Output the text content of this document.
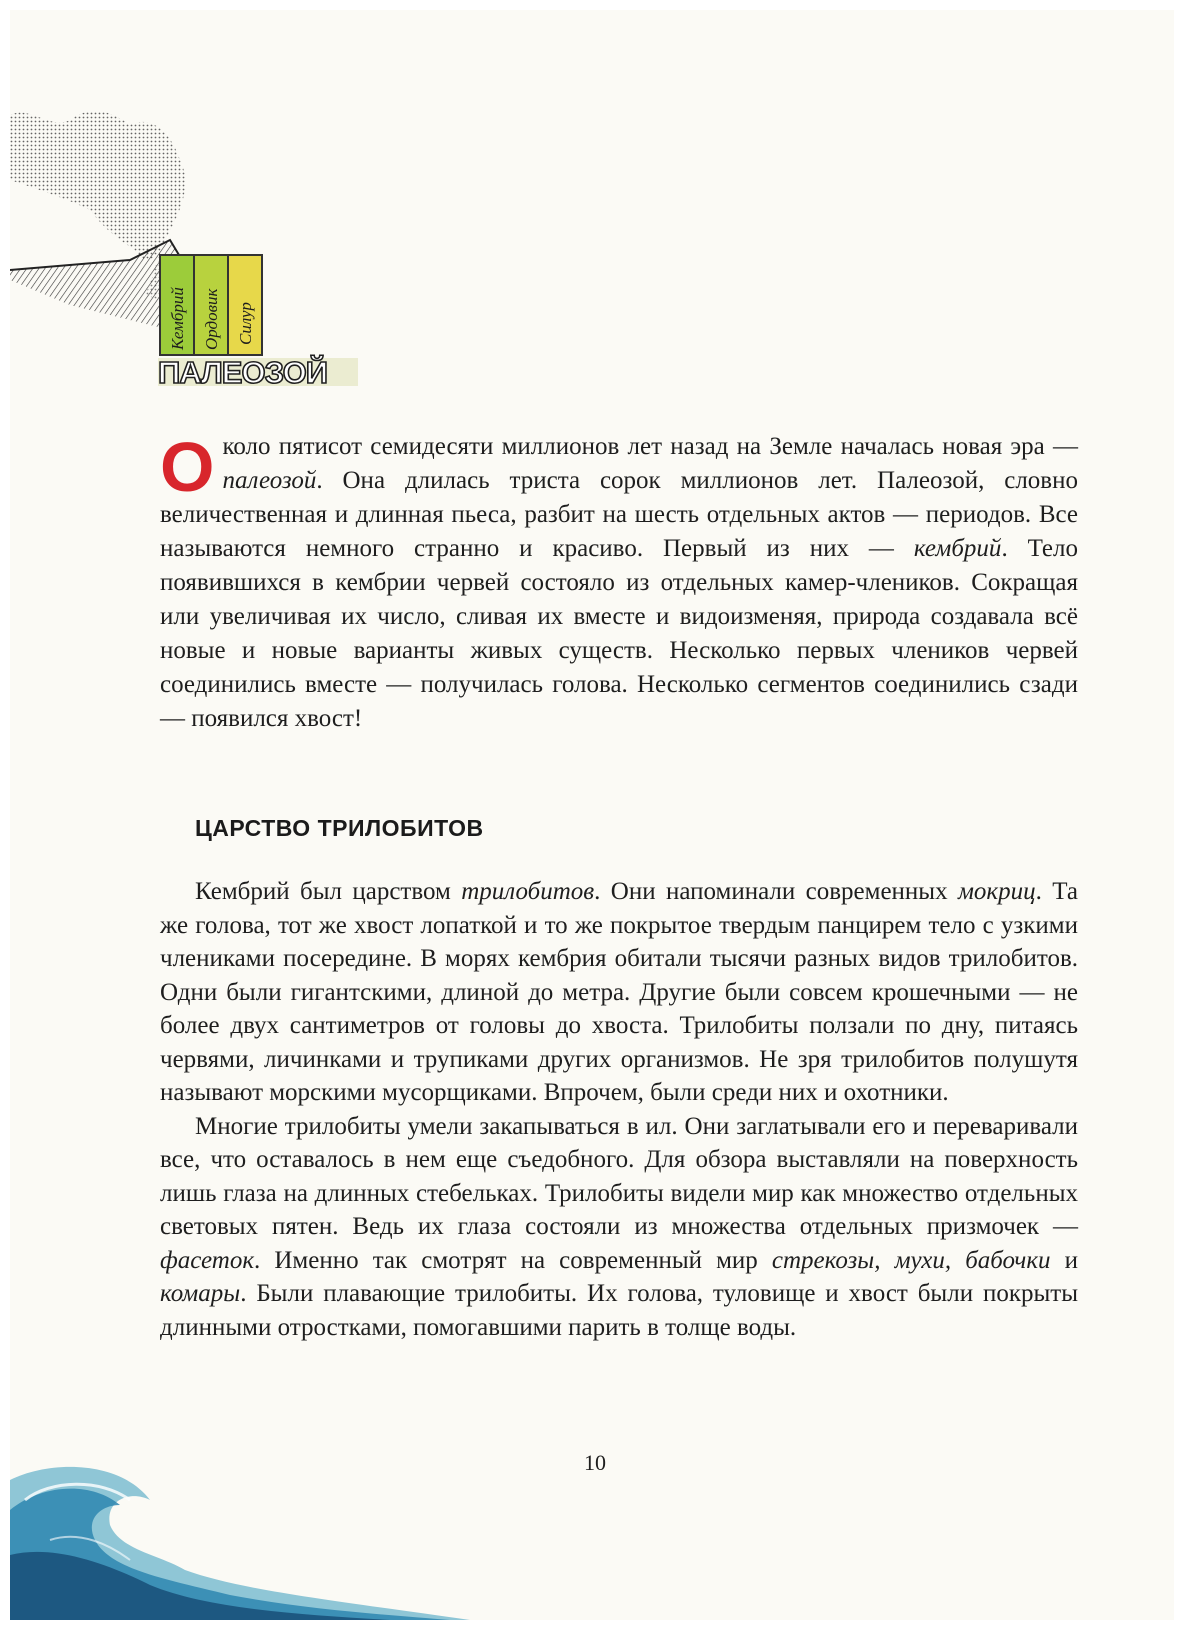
Кембрий Ордовик Силур
ПАЛЕОЗОЙ

Около пятисот семидесяти миллионов лет назад на Земле началась новая эра — палеозой. Она длилась триста сорок миллионов лет. Палеозой, словно величественная и длинная пьеса, разбит на шесть отдельных актов — периодов. Все называются немного странно и красиво. Первый из них — кембрий. Тело появившихся в кембрии червей состояло из отдельных камер-члеников. Сокращая или увеличивая их число, сливая их вместе и видоизменяя, природа создавала всё новые и новые варианты живых существ. Несколько первых члеников червей соединились вместе — получилась голова. Несколько сегментов соединились сзади — появился хвост!

ЦАРСТВО ТРИЛОБИТОВ

Кембрий был царством трилобитов. Они напоминали современных мокриц. Та же голова, тот же хвост лопаткой и то же покрытое твердым панцирем тело с узкими члениками посередине. В морях кембрия обитали тысячи разных видов трилобитов. Одни были гигантскими, длиной до метра. Другие были совсем крошечными — не более двух сантиметров от головы до хвоста. Трилобиты ползали по дну, питаясь червями, личинками и трупиками других организмов. Не зря трилобитов полушутя называют морскими мусорщиками. Впрочем, были среди них и охотники.

Многие трилобиты умели закапываться в ил. Они заглатывали его и переваривали все, что оставалось в нем еще съедобного. Для обзора выставляли на поверхность лишь глаза на длинных стебельках. Трилобиты видели мир как множество отдельных световых пятен. Ведь их глаза состояли из множества отдельных призмочек — фасеток. Именно так смотрят на современный мир стрекозы, мухи, бабочки и комары. Были плавающие трилобиты. Их голова, туловище и хвост были покрыты длинными отростками, помогавшими парить в толще воды.

10
